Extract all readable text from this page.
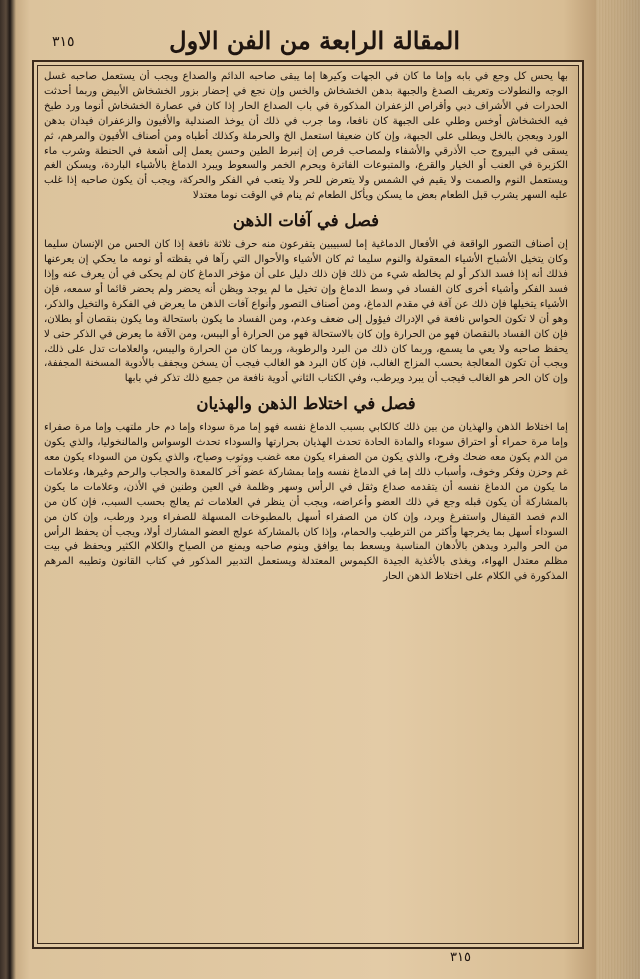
المقالة الرابعة من الفن الاول
٣١٥

بها يحس كل وجع في بابه وإما ما كان في الجهات وكيرها إما يبقى صاحبه الدائم والصداع ويجب أن يستعمل صاحبه غسل الوجه والنطولات وتعريف الصدغ والجبهة بدهن الخشخاش والخس وإن نجع في إحضار بزور الخشخاش الأبيض وربما أحدثت الحدرات في الأشراف دبي وأقراص الزعفران المذكورة في باب الصداع الحار إذا كان في عصارة الخشخاش أنوما ورد طبخ فيه الخشخاش أوخس وطلي على الجبهة كان نافعا، وما جرب في ذلك أن يوخذ الصندلية والأفيون والزعفران فيدان بدهن الورد ويعجن بالخل ويطلى على الجبهة، وإن كان ضعيفا استعمل الخ والحرملة وكذلك أطباه ومن أصناف الأفيون والمرهم، ثم يسقى في البيروج حب الأذرقي والأشفاء ولمصاحب قرص إن إنبرط الطين وحسن يعمل إلى أشعة في الحنطة وشرب ماء الكزبرة في العنب أو الخيار والقرع، والمتبوعات الفاترة ويحرم الخمر والسعوط ويبرد الدماغ بالأشياء الباردة، ويسكن الغم ويستعمل النوم والصمت ولا يقيم في الشمس ولا يتعرض للحر ولا يتعب في الفكر والحركة، ويجب أن يكون صاحبه إذا غلب عليه السهر يشرب قبل الطعام بعض ما يسكن ويأكل الطعام ثم ينام في الوقت نوما معتدلا

فصل في آفات الذهن

إن أصناف التصور الواقعة في الأفعال الدماغية إما لسبيبين يتفرعون منه حرف ثلاثة نافعة إذا كان الحس من الإنسان سليما وكان يتخيل الأشباح الأشياء المعقولة والنوم سليما ثم كان الأشياء والأحوال التي رآها في يقظته أو نومه ما يحكي إن يعرعنها فذلك أنه إذا فسد الذكر أو لم يخالطه شيء من ذلك فإن ذلك دليل على أن مؤخر الدماغ كان لم يحكى في أن يعرف عنه وإذا فسد الفكر وأشياء أخرى كان الفساد في وسط الدماغ وإن تخيل ما لم يوجد ويظن أنه يحضر ولم يحضر قائما أو سمعه، فإن الأشياء يتخيلها فإن ذلك عن آفة في مقدم الدماغ، ومن أصناف التصور وأنواع آفات الذهن ما يعرض في الفكرة والتخيل والذكر، وهو أن لا تكون الحواس نافعة في الإدراك فيؤول إلى ضعف وعدم، ومن الفساد ما يكون باستحالة وما يكون بنقصان أو بطلان، فإن كان الفساد بالنقصان فهو من الحرارة وإن كان بالاستحالة فهو من الحرارة أو اليبس، ومن الآفة ما يعرض في الذكر حتى لا يحفظ صاحبه ولا يعي ما يسمع، وربما كان ذلك من البرد والرطوبة، وربما كان من الحرارة واليبس، والعلامات تدل على ذلك، ويجب أن تكون المعالجة بحسب المزاج الغالب، فإن كان البرد هو الغالب فيجب أن يسخن ويجفف بالأدوية المسخنة المجففة، وإن كان الحر هو الغالب فيجب أن يبرد ويرطب، وفي الكتاب الثاني أدوية نافعة من جميع ذلك تذكر في بابها

فصل في اختلاط الذهن والهذيان

إما اختلاط الذهن والهذيان من بين ذلك كالكابي بسبب الدماغ نفسه فهو إما مرة سوداء وإما دم حار ملتهب وإما مرة صفراء وإما مرة حمراء أو احتراق سوداء والمادة الحادة تحدث الهذيان بحرارتها والسوداء تحدث الوسواس والمالنخوليا، والذي يكون من الدم يكون معه ضحك وفرح، والذي يكون من الصفراء يكون معه غضب ووثوب وصياح، والذي يكون من السوداء يكون معه غم وحزن وفكر وخوف، وأسباب ذلك إما في الدماغ نفسه وإما بمشاركة عضو آخر كالمعدة والحجاب والرحم وغيرها، وعلامات ما يكون من الدماغ نفسه أن يتقدمه صداع وثقل في الرأس وسهر وظلمة في العين وطنين في الأذن، وعلامات ما يكون بالمشاركة أن يكون قبله وجع في ذلك العضو وأعراضه، ويجب أن ينظر في العلامات ثم يعالج بحسب السبب، فإن كان من الدم فصد القيفال واستفرغ وبرد، وإن كان من الصفراء أسهل بالمطبوخات المسهلة للصفراء وبرد ورطب، وإن كان من السوداء أسهل بما يخرجها وأكثر من الترطيب والحمام، وإذا كان بالمشاركة عولج العضو المشارك أولا، ويجب أن يحفظ الرأس من الحر والبرد ويدهن بالأدهان المناسبة ويسعط بما يوافق وينوم صاحبه ويمنع من الصياح والكلام الكثير ويحفظ في بيت مظلم معتدل الهواء، ويغذى بالأغذية الجيدة الكيموس المعتدلة ويستعمل التدبير المذكور في كتاب القانون وتطيبه المرهم المذكورة في الكلام على اختلاط الذهن الحار

٣١٥
